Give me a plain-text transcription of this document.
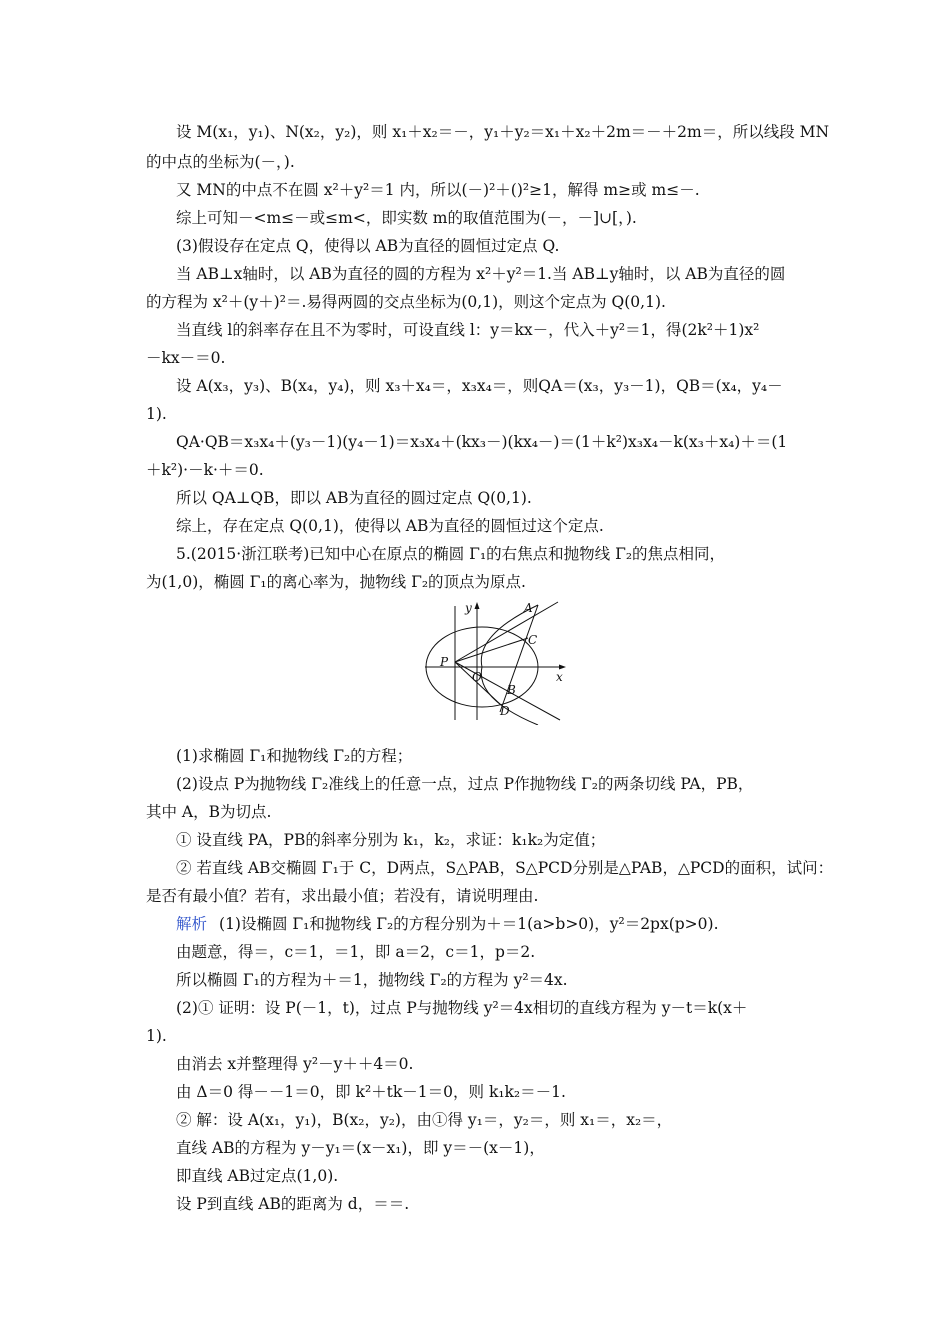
设 M(x₁，y₁)、N(x₂，y₂)，则 x₁＋x₂＝－，y₁＋y₂＝x₁＋x₂＋2m＝－＋2m＝，所以线段 MN
的中点的坐标为(－，).
又 MN的中点不在圆 x²＋y²＝1 内，所以(－)²＋()²≥1，解得 m≥或 m≤－.
综上可知－<m≤－或≤m<，即实数 m的取值范围为(－，－]∪[，).
(3)假设存在定点 Q，使得以 AB为直径的圆恒过定点 Q.
当 AB⊥x轴时，以 AB为直径的圆的方程为 x²＋y²＝1.当 AB⊥y轴时，以 AB为直径的圆
的方程为 x²＋(y＋)²＝.易得两圆的交点坐标为(0,1)，则这个定点为 Q(0,1).
当直线 l的斜率存在且不为零时，可设直线 l：y＝kx－，代入＋y²＝1，得(2k²＋1)x²
－kx－＝0.
设 A(x₃，y₃)、B(x₄，y₄)，则 x₃＋x₄＝，x₃x₄＝，则QA＝(x₃，y₃－1)，QB＝(x₄，y₄－
1).
QA·QB＝x₃x₄＋(y₃－1)(y₄－1)＝x₃x₄＋(kx₃－)(kx₄－)＝(1＋k²)x₃x₄－k(x₃＋x₄)＋＝(1
＋k²)·－k·＋＝0.
所以 QA⊥QB，即以 AB为直径的圆过定点 Q(0,1).
综上，存在定点 Q(0,1)，使得以 AB为直径的圆恒过这个定点.
5.(2015·浙江联考)已知中心在原点的椭圆 Γ₁的右焦点和抛物线 Γ₂的焦点相同，
为(1,0)，椭圆 Γ₁的离心率为，抛物线 Γ₂的顶点为原点.
y	A
C
P
O	x
B
D
(1)求椭圆 Γ₁和抛物线 Γ₂的方程；
(2)设点 P为抛物线 Γ₂准线上的任意一点，过点 P作抛物线 Γ₂的两条切线 PA，PB，
其中 A，B为切点.
① 设直线 PA，PB的斜率分别为 k₁，k₂，求证：k₁k₂为定值；
② 若直线 AB交椭圆 Γ₁于 C，D两点，S△PAB，S△PCD分别是△PAB，△PCD的面积，试问：
是否有最小值？若有，求出最小值；若没有，请说明理由.
解析 (1)设椭圆 Γ₁和抛物线 Γ₂的方程分别为＋＝1(a>b>0)，y²＝2px(p>0).
由题意，得＝，c＝1，＝1，即 a＝2，c＝1，p＝2.
所以椭圆 Γ₁的方程为＋＝1，抛物线 Γ₂的方程为 y²＝4x.
(2)① 证明：设 P(－1，t)，过点 P与抛物线 y²＝4x相切的直线方程为 y－t＝k(x＋
1).
由消去 x并整理得 y²－y＋＋4＝0.
由 Δ＝0 得－－1＝0，即 k²＋tk－1＝0，则 k₁k₂＝－1.
② 解：设 A(x₁，y₁)，B(x₂，y₂)，由①得 y₁＝，y₂＝，则 x₁＝，x₂＝，
直线 AB的方程为 y－y₁＝(x－x₁)，即 y＝－(x－1)，
即直线 AB过定点(1,0).
设 P到直线 AB的距离为 d，＝＝.
